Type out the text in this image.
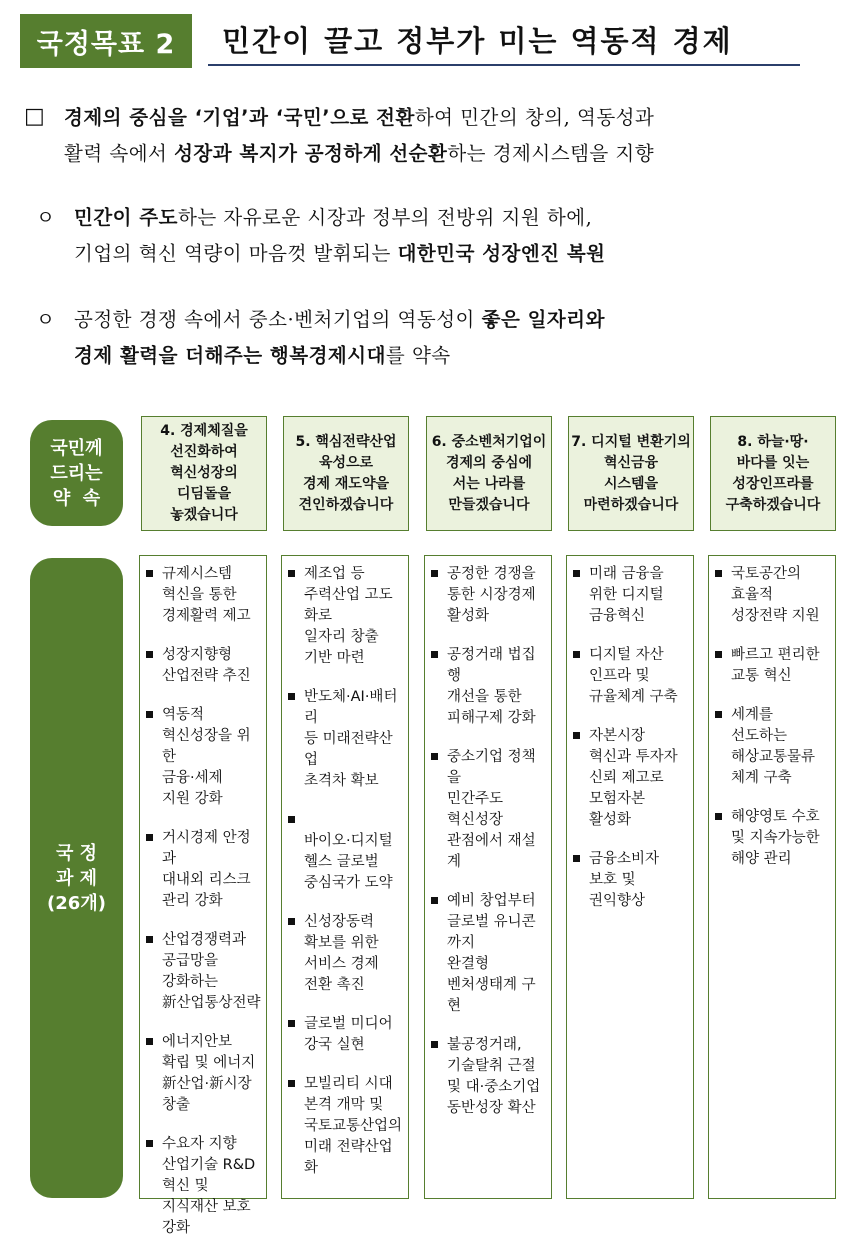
국정목표 2	민간이 끌고 정부가 미는 역동적 경제
□ 경제의 중심을 ‘기업’과 ‘국민’으로 전환하여 민간의 창의, 역동성과
활력 속에서 성장과 복지가 공정하게 선순환하는 경제시스템을 지향
ㅇ 민간이 주도하는 자유로운 시장과 정부의 전방위 지원 하에,
기업의 혁신 역량이 마음껏 발휘되는 대한민국 성장엔진 복원
ㅇ 공정한 경쟁 속에서 중소·벤처기업의 역동성이 좋은 일자리와
경제 활력을 더해주는 행복경제시대를 약속
국민께
드리는
약  속
국 정
과 제
(26개)
4. 경제체질을
선진화하여
혁신성장의
디딤돌을
놓겠습니다
규제시스템
혁신을 통한
경제활력 제고
성장지향형
산업전략 추진
역동적
혁신성장을 위한
금융·세제
지원 강화
거시경제 안정과
대내외 리스크
관리 강화
산업경쟁력과
공급망을
강화하는
新산업통상전략
에너지안보
확립 및 에너지
新산업·新시장
창출
수요자 지향
산업기술 R&D
혁신 및
지식재산 보호
강화
5. 핵심전략산업
육성으로
경제 재도약을
견인하겠습니다
제조업 등
주력산업 고도화로
일자리 창출
기반 마련
반도체·AI·배터리
등 미래전략산업
초격차 확보

바이오·디지털
헬스 글로벌
중심국가 도약
신성장동력
확보를 위한
서비스 경제
전환 촉진
글로벌 미디어
강국 실현
모빌리티 시대
본격 개막 및
국토교통산업의
미래 전략산업화
6. 중소벤처기업이
경제의 중심에
서는 나라를
만들겠습니다
공정한 경쟁을
통한 시장경제
활성화
공정거래 법집행
개선을 통한
피해구제 강화
중소기업 정책을
민간주도
혁신성장
관점에서 재설계
예비 창업부터
글로벌 유니콘까지
완결형
벤처생태계 구현
불공정거래,
기술탈취 근절
및 대·중소기업
동반성장 확산
7. 디지털 변환기의
혁신금융
시스템을
마련하겠습니다
미래 금융을
위한 디지털
금융혁신
디지털 자산
인프라 및
규율체계 구축
자본시장
혁신과 투자자
신뢰 제고로
모험자본
활성화
금융소비자
보호 및
권익향상
8. 하늘·땅·
바다를 잇는
성장인프라를
구축하겠습니다
국토공간의
효율적
성장전략 지원
빠르고 편리한
교통 혁신
세계를
선도하는
해상교통물류
체계 구축
해양영토 수호
및 지속가능한
해양 관리
